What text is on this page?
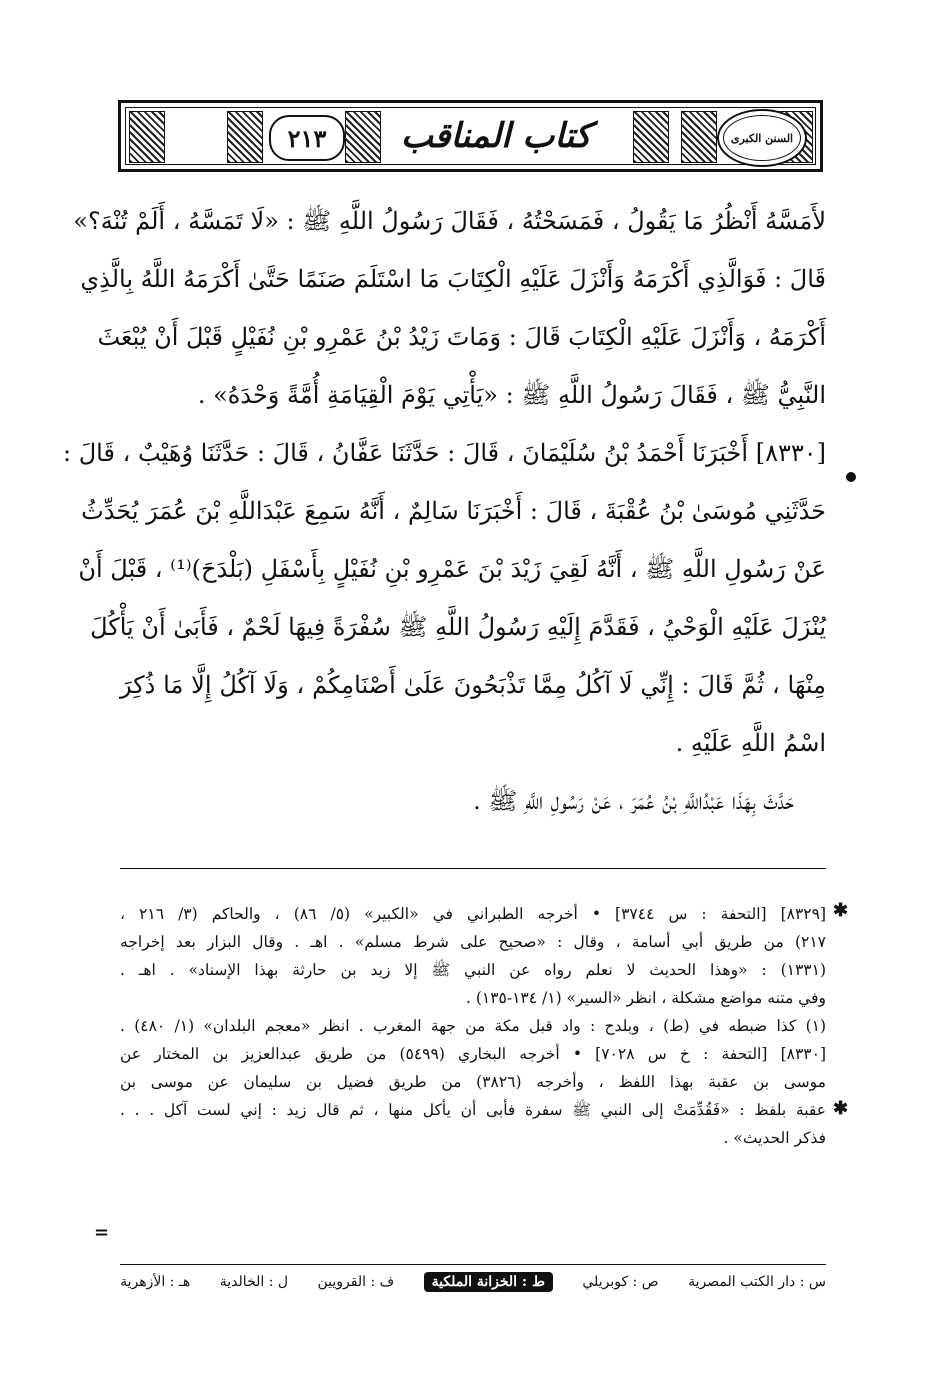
٢١٣	كتاب المناقب	السنن الكبرى
لأَمَسَّهُ أَنْظُرُ مَا يَقُولُ ، فَمَسَحْتُهُ ، فَقَالَ رَسُولُ اللَّهِ ﷺ : «لَا تَمَسَّهُ ، أَلَمْ تُنْهَ؟»
قَالَ : فَوَالَّذِي أَكْرَمَهُ وَأَنْزَلَ عَلَيْهِ الْكِتَابَ مَا اسْتَلَمَ صَنَمًا حَتَّىٰ أَكْرَمَهُ اللَّهُ بِالَّذِي
أَكْرَمَهُ ، وَأَنْزَلَ عَلَيْهِ الْكِتَابَ قَالَ : وَمَاتَ زَيْدُ بْنُ عَمْرِو بْنِ نُفَيْلٍ قَبْلَ أَنْ يُبْعَثَ
النَّبِيُّ ﷺ ، فَقَالَ رَسُولُ اللَّهِ ﷺ : «يَأْتِي يَوْمَ الْقِيَامَةِ أُمَّةً وَحْدَهُ» .
[٨٣٣٠] أَخْبَرَنَا أَحْمَدُ بْنُ سُلَيْمَانَ ، قَالَ : حَدَّثَنَا عَفَّانُ ، قَالَ : حَدَّثَنَا وُهَيْبٌ ، قَالَ :
حَدَّثَنِي مُوسَىٰ بْنُ عُقْبَةَ ، قَالَ : أَخْبَرَنَا سَالِمٌ ، أَنَّهُ سَمِعَ عَبْدَاللَّهِ بْنَ عُمَرَ يُحَدِّثُ
عَنْ رَسُولِ اللَّهِ ﷺ ، أَنَّهُ لَقِيَ زَيْدَ بْنَ عَمْرِو بْنِ نُفَيْلٍ بِأَسْفَلِ (بَلْدَحَ)⁽¹⁾ ، قَبْلَ أَنْ
يُنْزَلَ عَلَيْهِ الْوَحْيُ ، فَقَدَّمَ إِلَيْهِ رَسُولُ اللَّهِ ﷺ سُفْرَةً فِيهَا لَحْمٌ ، فَأَبَىٰ أَنْ يَأْكُلَ
مِنْهَا ، ثُمَّ قَالَ : إِنِّي لَا آكُلُ مِمَّا تَذْبَحُونَ عَلَىٰ أَصْنَامِكُمْ ، وَلَا آكُلُ إِلَّا مَا ذُكِرَ
اسْمُ اللَّهِ عَلَيْهِ .
حَدَّثَ بِهَذَا عَبْدُاللَّهِ بْنُ عُمَرَ ، عَنْ رَسُولِ اللَّهِ ﷺ .
✱
✱
[٨٣٢٩] [التحفة : س ٣٧٤٤] • أخرجه الطبراني في «الكبير» (٥/ ٨٦) ، والحاكم (٣/ ٢١٦ ،
٢١٧) من طريق أبي أسامة ، وقال : «صحيح على شرط مسلم» . اهـ . وقال البزار بعد إخراجه
(١٣٣١) : «وهذا الحديث لا نعلم رواه عن النبي ﷺ إلا زيد بن حارثة بهذا الإسناد» . اهـ .
وفي متنه مواضع مشكلة ، انظر «السير» (١/ ١٣٤-١٣٥) .
(١) كذا ضبطه في (ط) ، وبلدح : واد قبل مكة من جهة المغرب . انظر «معجم البلدان» (١/ ٤٨٠) .
[٨٣٣٠] [التحفة : خ س ٧٠٢٨] • أخرجه البخاري (٥٤٩٩) من طريق عبدالعزيز بن المختار عن
موسى بن عقبة بهذا اللفظ ، وأخرجه (٣٨٢٦) من طريق فضيل بن سليمان عن موسى بن
عقبة بلفظ : «فَقُدِّمَتْ إلى النبي ﷺ سفرة فأبى أن يأكل منها ، ثم قال زيد : إني لست آكل . . .
فذكر الحديث» .
=
س : دار الكتب المصرية
ص : كوبريلي
ط : الخزانة الملكية
ف : القرويين
ل : الخالدية
هـ : الأزهرية
